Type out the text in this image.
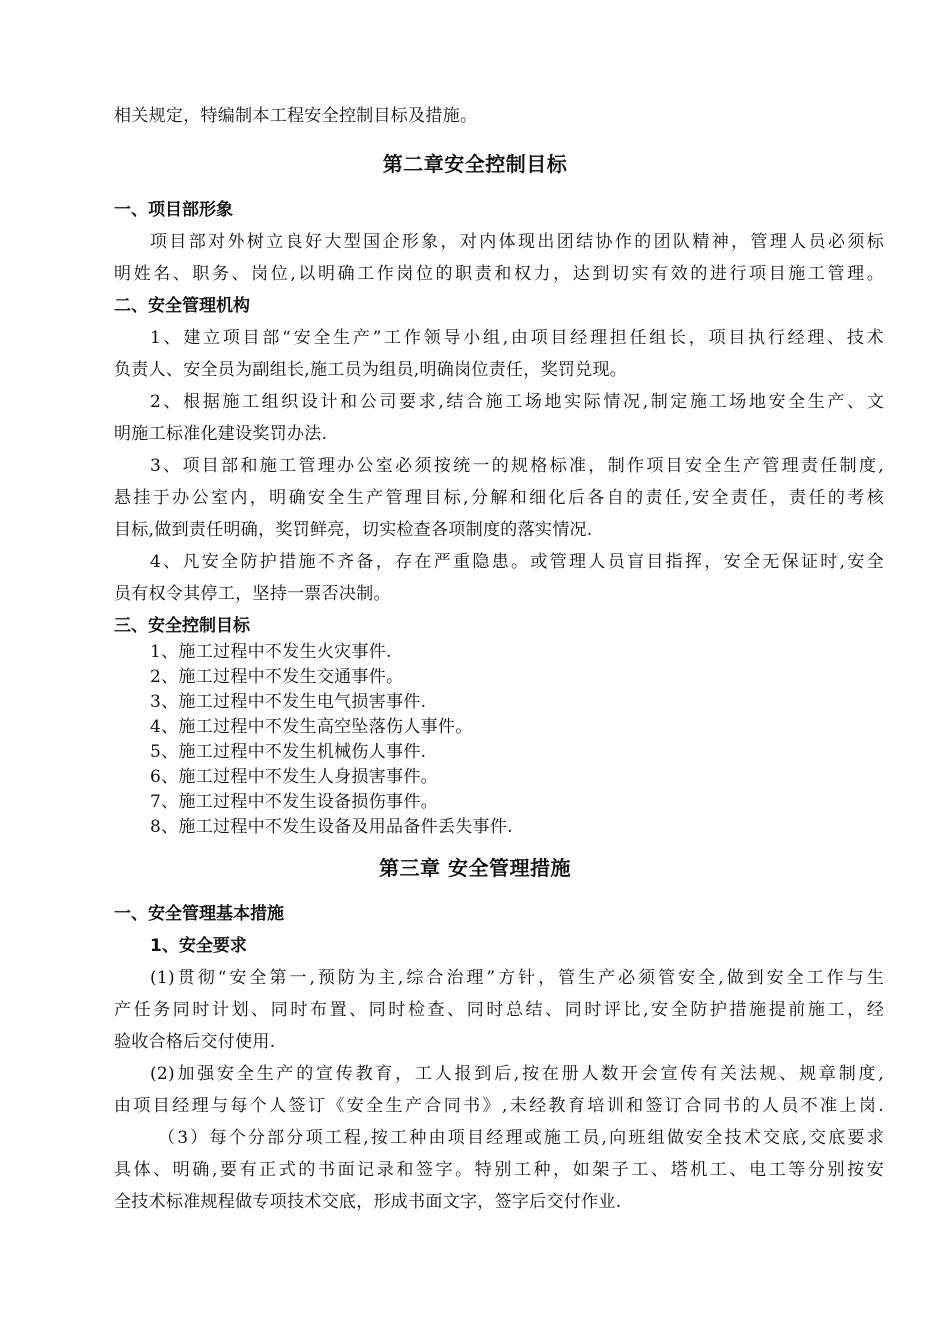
相关规定，特编制本工程安全控制目标及措施。
第二章安全控制目标
一、项目部形象
项目部对外树立良好大型国企形象，对内体现出团结协作的团队精神，管理人员必须标
明姓名、职务、岗位,以明确工作岗位的职责和权力，达到切实有效的进行项目施工管理。
二、安全管理机构
1、建立项目部“安全生产”工作领导小组,由项目经理担任组长，项目执行经理、技术
负责人、安全员为副组长,施工员为组员,明确岗位责任，奖罚兑现。
2、根据施工组织设计和公司要求,结合施工场地实际情况,制定施工场地安全生产、文
明施工标准化建设奖罚办法.
3、项目部和施工管理办公室必须按统一的规格标准，制作项目安全生产管理责任制度,
悬挂于办公室内，明确安全生产管理目标,分解和细化后各自的责任,安全责任，责任的考核
目标,做到责任明确，奖罚鲜亮，切实检查各项制度的落实情况.
4、凡安全防护措施不齐备，存在严重隐患。或管理人员盲目指挥，安全无保证时,安全
员有权令其停工，坚持一票否决制。
三、安全控制目标
1、施工过程中不发生火灾事件.
2、施工过程中不发生交通事件。
3、施工过程中不发生电气损害事件.
4、施工过程中不发生高空坠落伤人事件。
5、施工过程中不发生机械伤人事件.
6、施工过程中不发生人身损害事件。
7、施工过程中不发生设备损伤事件。
8、施工过程中不发生设备及用品备件丢失事件.
第三章 安全管理措施
一、安全管理基本措施
1、安全要求
(1)贯彻“安全第一,预防为主,综合治理”方针，管生产必须管安全,做到安全工作与生
产任务同时计划、同时布置、同时检查、同时总结、同时评比,安全防护措施提前施工，经
验收合格后交付使用.
(2)加强安全生产的宣传教育，工人报到后,按在册人数开会宣传有关法规、规章制度,
由项目经理与每个人签订《安全生产合同书》,未经教育培训和签订合同书的人员不准上岗.
（3）每个分部分项工程,按工种由项目经理或施工员,向班组做安全技术交底,交底要求
具体、明确,要有正式的书面记录和签字。特别工种，如架子工、塔机工、电工等分别按安
全技术标准规程做专项技术交底，形成书面文字，签字后交付作业.
